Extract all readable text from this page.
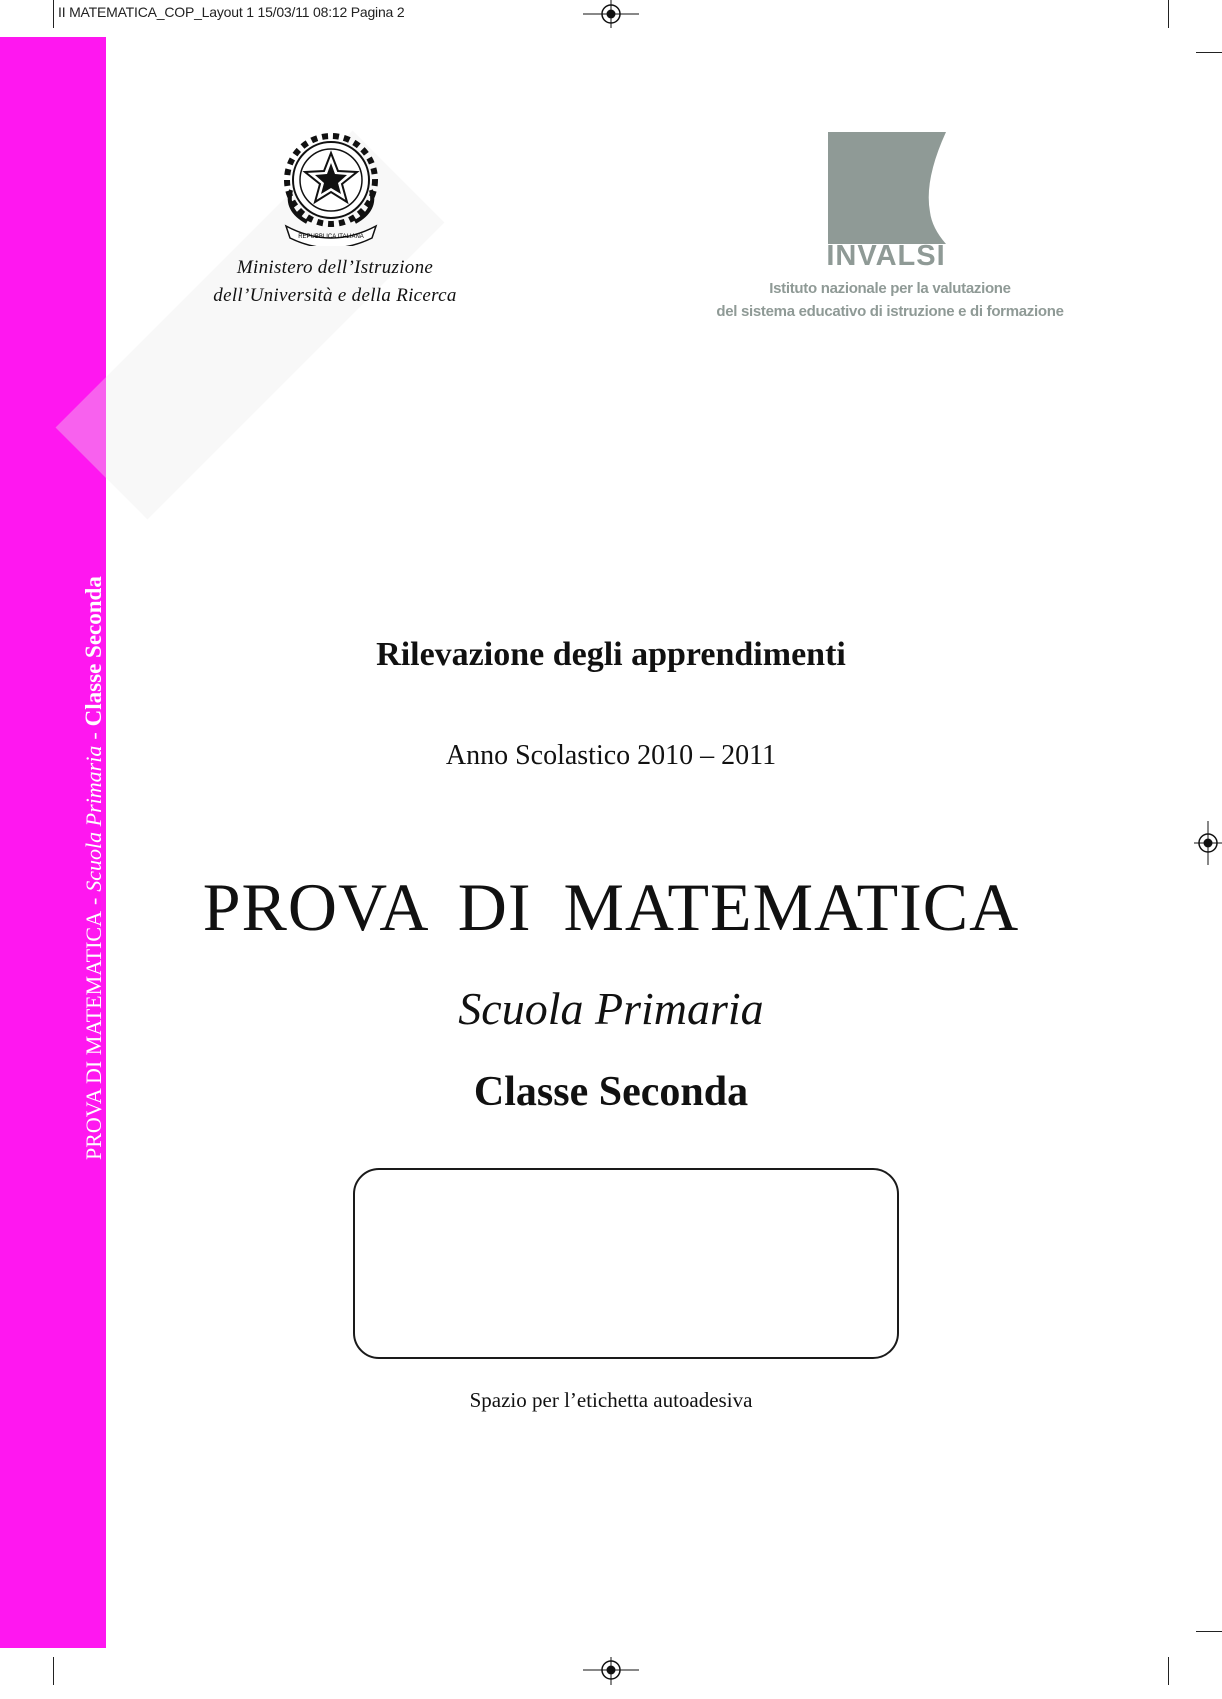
II MATEMATICA_COP_Layout 1 15/03/11 08:12 Pagina 2
PROVA DI MATEMATICA-Scuola Primaria-Classe Seconda
REPUBBLICA ITALIANA
Ministero dell’Istruzione
dell’Università e della Ricerca
INVALSI
Istituto nazionale per la valutazione
del sistema educativo di istruzione e di formazione
Rilevazione degli apprendimenti
Anno Scolastico 2010 – 2011
PROVA DI MATEMATICA
Scuola Primaria
Classe Seconda
Spazio per l’etichetta autoadesiva
